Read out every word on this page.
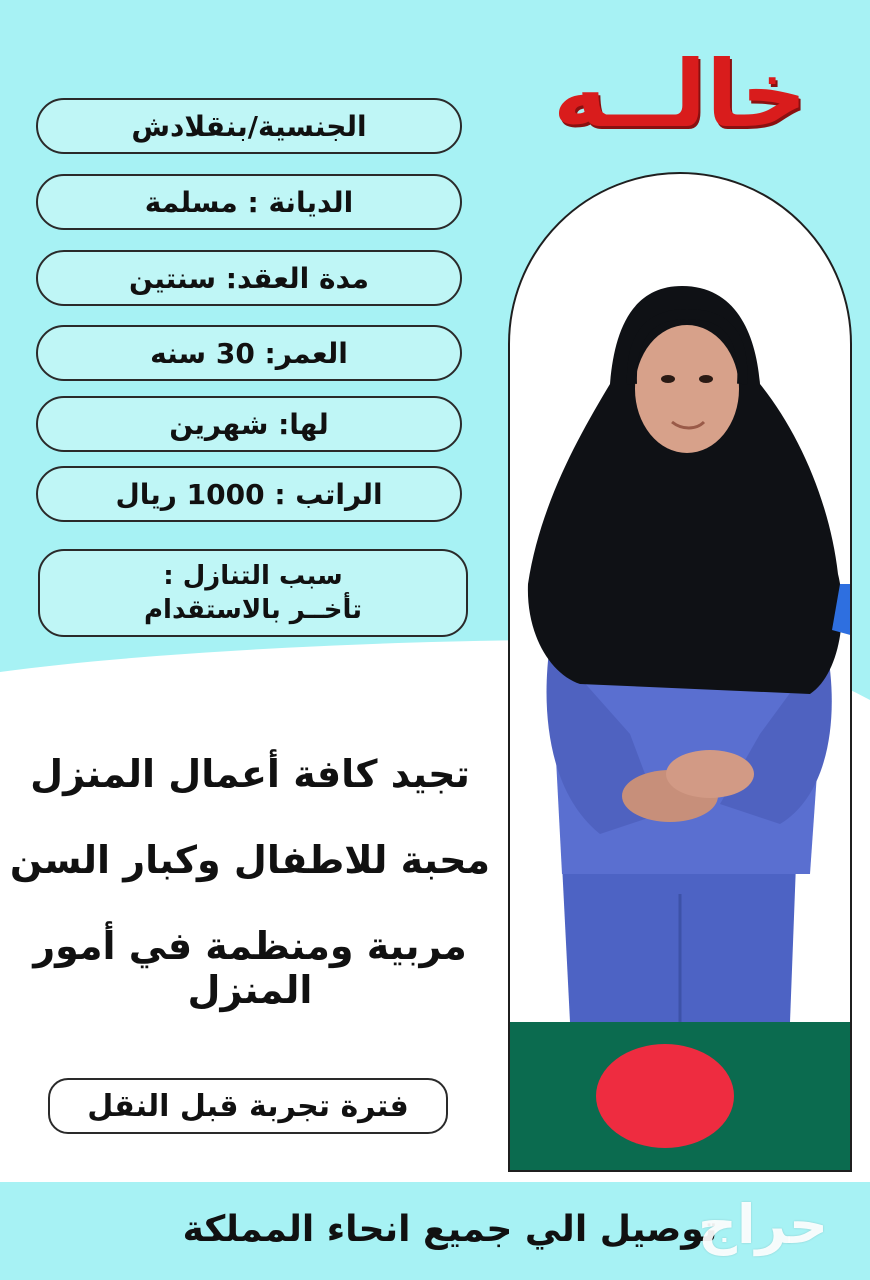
خالــه
الجنسية/بنقلادش
الديانة : مسلمة
مدة العقد: سنتين
العمر: 30 سنه
لها: شهرين
الراتب : 1000 ريال
سبب التنازل :
تأخــر بالاستقدام
تجيد كافة أعمال المنزل
محبة للاطفال وكبار السن
مربية ومنظمة في أمور المنزل
فترة تجربة قبل النقل
توصيل الي جميع انحاء المملكة
حراج
